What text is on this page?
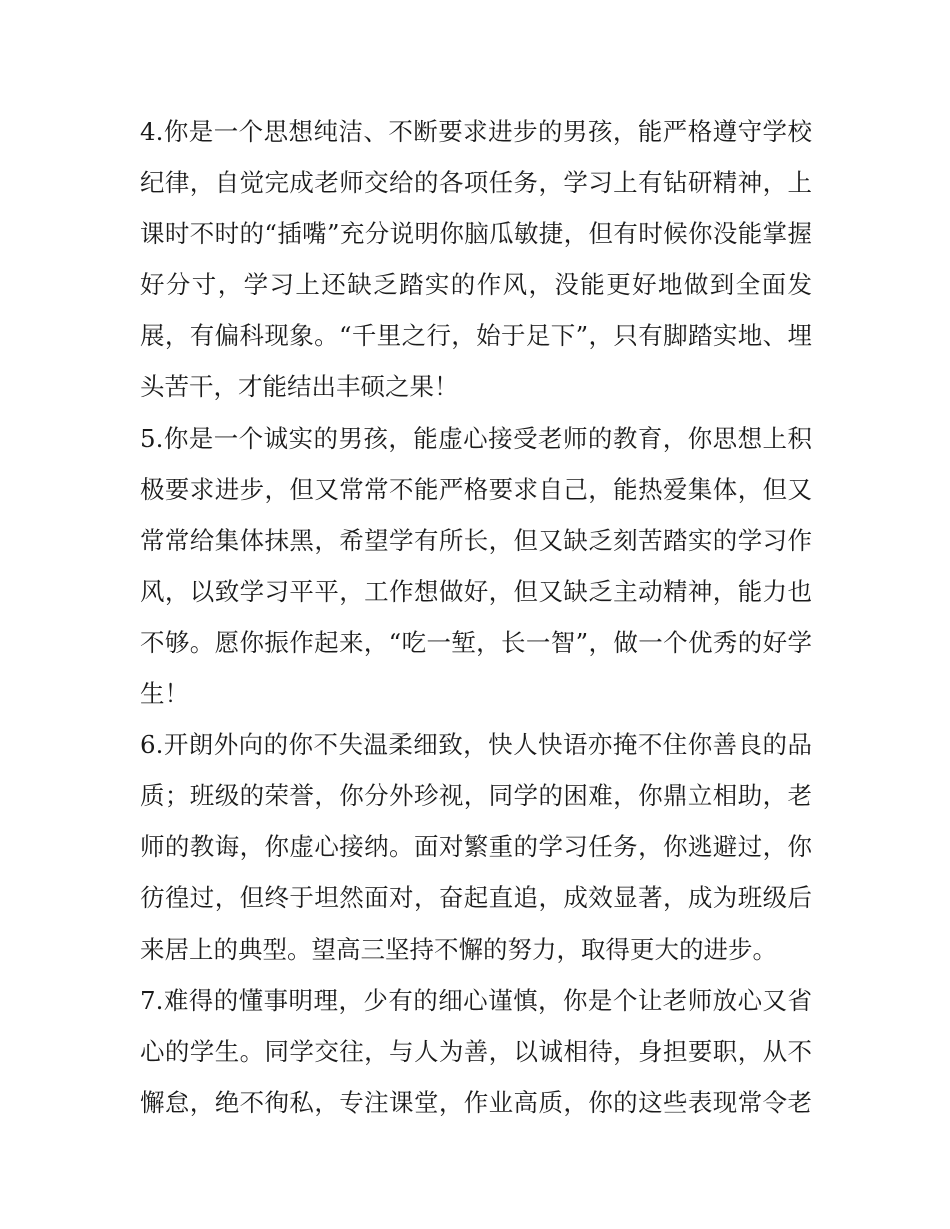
4.你是一个思想纯洁、不断要求进步的男孩，能严格遵守学校
纪律，自觉完成老师交给的各项任务，学习上有钻研精神，上
课时不时的“插嘴”充分说明你脑瓜敏捷，但有时候你没能掌握
好分寸，学习上还缺乏踏实的作风，没能更好地做到全面发
展，有偏科现象。“千里之行，始于足下”，只有脚踏实地、埋
头苦干，才能结出丰硕之果！
5.你是一个诚实的男孩，能虚心接受老师的教育，你思想上积
极要求进步，但又常常不能严格要求自己，能热爱集体，但又
常常给集体抹黑，希望学有所长，但又缺乏刻苦踏实的学习作
风，以致学习平平，工作想做好，但又缺乏主动精神，能力也
不够。愿你振作起来，“吃一堑，长一智”，做一个优秀的好学
生！
6.开朗外向的你不失温柔细致，快人快语亦掩不住你善良的品
质；班级的荣誉，你分外珍视，同学的困难，你鼎立相助，老
师的教诲，你虚心接纳。面对繁重的学习任务，你逃避过，你
彷徨过，但终于坦然面对，奋起直追，成效显著，成为班级后
来居上的典型。望高三坚持不懈的努力，取得更大的进步。
7.难得的懂事明理，少有的细心谨慎，你是个让老师放心又省
心的学生。同学交往，与人为善，以诚相待，身担要职，从不
懈怠，绝不徇私，专注课堂，作业高质，你的这些表现常令老
